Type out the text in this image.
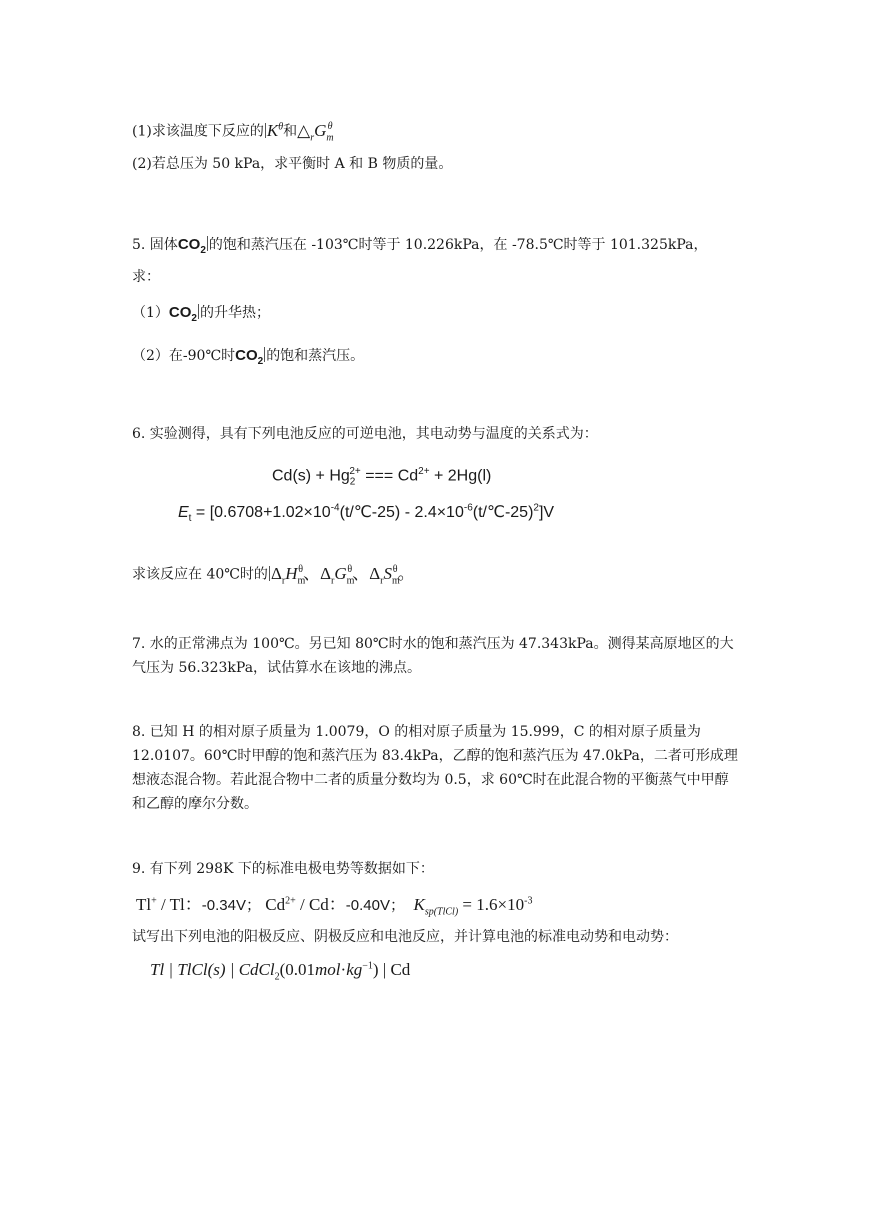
(1)求该温度下反应的 $K^\theta$和$\triangle_rG_m^\theta$
(2)若总压为 50 kPa，求平衡时 A 和 B 物质的量。
5. 固体$CO_2$ 的饱和蒸汽压在 -103℃时等于 10.226kPa，在 -78.5℃时等于 101.325kPa，
求：
$(1)CO_2$ 的升华热；
（2）在-90℃时$CO_2$ 的饱和蒸汽压。
6. 实验测得，具有下列电池反应的可逆电池，其电动势与温度的关系式为：
$Cd(s) + Hg_2^{2+}$ === $Cd^{2+} + 2Hg(l)$
$E_t$ = [$0.6708+1.02\times 10^{-4}(t/℃-25)$ - $2.4\times 10^{-6}(t/℃-25)^2]V$
求该反应在 40℃时的 $\Delta_rH_m^\theta$、$\Delta_rG_m^\theta$、$\Delta_rS_m^\theta$。
7. 水的正常沸点为 100℃。另已知 80℃时水的饱和蒸汽压为 47.343kPa。测得某高原地区的大气压为 56.323kPa，试估算水在该地的沸点。
8. 已知 H 的相对原子质量为 1.0079，O 的相对原子质量为 15.999，C 的相对原子质量为12.0107。60℃时甲醇的饱和蒸汽压为 83.4kPa，乙醇的饱和蒸汽压为 47.0kPa，二者可形成理想液态混合物。若此混合物中二者的质量分数均为 0.5，求 60℃时在此混合物的平衡蒸气中甲醇和乙醇的摩尔分数。
9. 有下列 298K 下的标准电极电势等数据如下：
Tl+ / Tl：-0.34V； $Cd^{2+}$ / Cd：-0.40V； $K_{sp(TlCl)} = 1.6\times 10^{-3}$
试写出下列电池的阳极反应、阴极反应和电池反应，并计算电池的标准电动势和电动势：
Tl | TlCl(s) | $CdCl_2(0.01mol\cdot kg^{-1})$ | Cd
